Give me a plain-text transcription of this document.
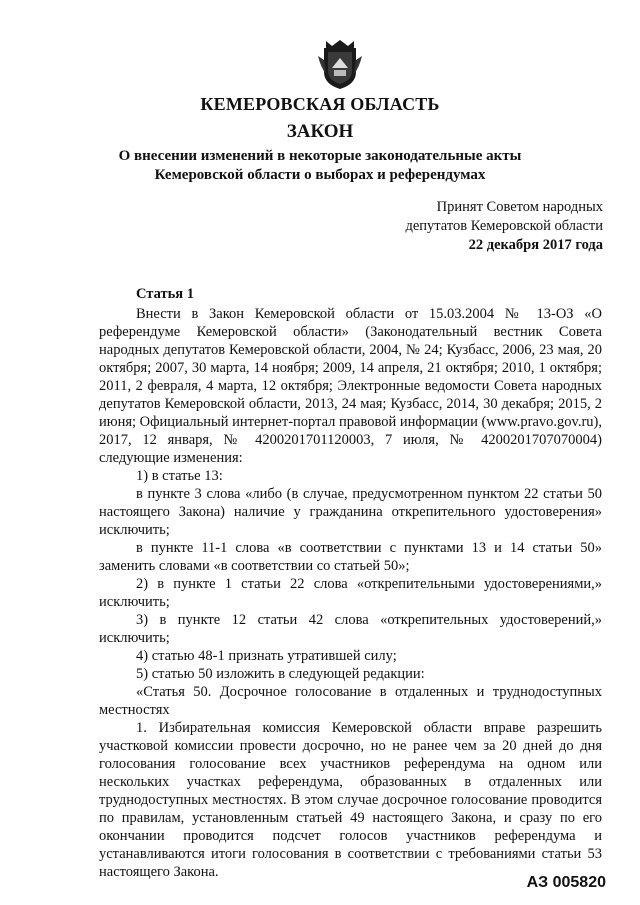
КЕМЕРОВСКАЯ ОБЛАСТЬ
ЗАКОН
О внесении изменений в некоторые законодательные акты
Кемеровской области о выборах и референдумах
Принят Советом народных
депутатов Кемеровской области
22 декабря 2017 года

Статья 1

Внести в Закон Кемеровской области от 15.03.2004 № 13-ОЗ «О референдуме Кемеровской области» (Законодательный вестник Совета народных депутатов Кемеровской области, 2004, № 24; Кузбасс, 2006, 23 мая, 20 октября; 2007, 30 марта, 14 ноября; 2009, 14 апреля, 21 октября; 2010, 1 октября; 2011, 2 февраля, 4 марта, 12 октября; Электронные ведомости Совета народных депутатов Кемеровской области, 2013, 24 мая; Кузбасс, 2014, 30 декабря; 2015, 2 июня; Официальный интернет-портал правовой информации (www.pravo.gov.ru), 2017, 12 января, № 4200201701120003, 7 июля, № 4200201707070004) следующие изменения:

1) в статье 13:

в пункте 3 слова «либо (в случае, предусмотренном пунктом 22 статьи 50 настоящего Закона) наличие у гражданина открепительного удостоверения» исключить;

в пункте 11-1 слова «в соответствии с пунктами 13 и 14 статьи 50» заменить словами «в соответствии со статьей 50»;

2) в пункте 1 статьи 22 слова «открепительными удостоверениями,» исключить;

3) в пункте 12 статьи 42 слова «открепительных удостоверений,» исключить;

4) статью 48-1 признать утратившей силу;

5) статью 50 изложить в следующей редакции:

«Статья 50. Досрочное голосование в отдаленных и труднодоступных местностях

1. Избирательная комиссия Кемеровской области вправе разрешить участковой комиссии провести досрочно, но не ранее чем за 20 дней до дня голосования голосование всех участников референдума на одном или нескольких участках референдума, образованных в отдаленных или труднодоступных местностях. В этом случае досрочное голосование проводится по правилам, установленным статьей 49 настоящего Закона, и сразу по его окончании проводится подсчет голосов участников референдума и устанавливаются итоги голосования в соответствии с требованиями статьи 53 настоящего Закона.

АЗ 005820
